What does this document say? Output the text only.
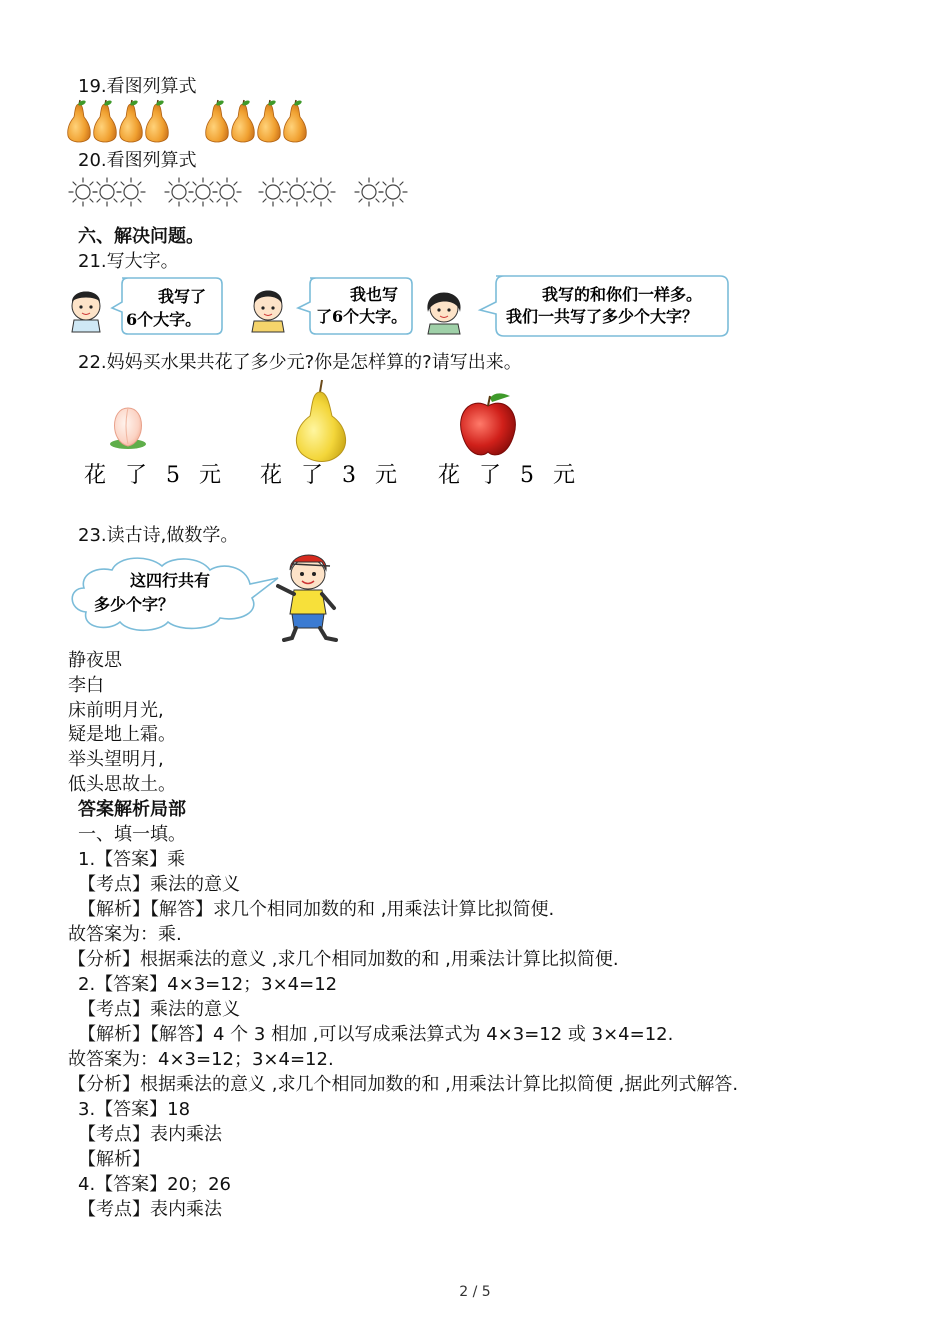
19.看图列算式
20.看图列算式
六、解决问题。
21.写大字。
我写了
6个大字。
我也写
了6个大字。
我写的和你们一样多。
我们一共写了多少个大字？
22.妈妈买水果共花了多少元?你是怎样算的?请写出来。
花 了 5 元 花 了 3 元 花 了 5 元
23.读古诗,做数学。
这四行共有
多少个字？
静夜思
李白
床前明月光,
疑是地上霜。
举头望明月,
低头思故土。
答案解析局部
一、填一填。
1.【答案】乘
【考点】乘法的意义
【解析】【解答】求几个相同加数的和 ,用乘法计算比拟简便.
故答案为：乘.
【分析】根据乘法的意义 ,求几个相同加数的和 ,用乘法计算比拟简便.
2.【答案】4×3=12；3×4=12
【考点】乘法的意义
【解析】【解答】4 个 3 相加 ,可以写成乘法算式为 4×3=12 或 3×4=12.
故答案为：4×3=12；3×4=12.
【分析】根据乘法的意义 ,求几个相同加数的和 ,用乘法计算比拟简便 ,据此列式解答.
3.【答案】18
【考点】表内乘法
【解析】
4.【答案】20；26
【考点】表内乘法
2 / 5
